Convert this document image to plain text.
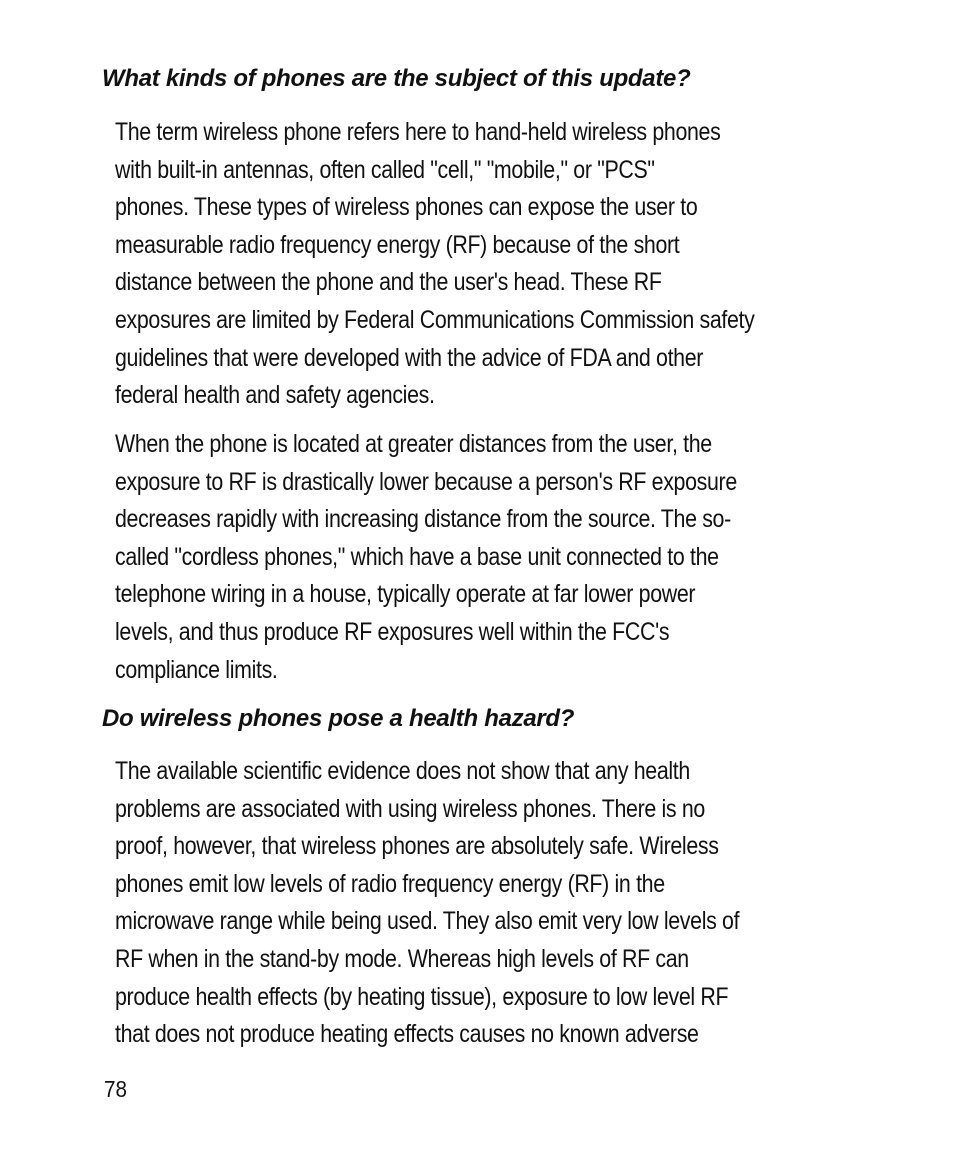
What kinds of phones are the subject of this update?

The term wireless phone refers here to hand-held wireless phones
with built-in antennas, often called "cell," "mobile," or "PCS"
phones. These types of wireless phones can expose the user to
measurable radio frequency energy (RF) because of the short
distance between the phone and the user's head. These RF
exposures are limited by Federal Communications Commission safety
guidelines that were developed with the advice of FDA and other
federal health and safety agencies.

When the phone is located at greater distances from the user, the
exposure to RF is drastically lower because a person's RF exposure
decreases rapidly with increasing distance from the source. The so-
called "cordless phones," which have a base unit connected to the
telephone wiring in a house, typically operate at far lower power
levels, and thus produce RF exposures well within the FCC's
compliance limits.

Do wireless phones pose a health hazard?

The available scientific evidence does not show that any health
problems are associated with using wireless phones. There is no
proof, however, that wireless phones are absolutely safe. Wireless
phones emit low levels of radio frequency energy (RF) in the
microwave range while being used. They also emit very low levels of
RF when in the stand-by mode. Whereas high levels of RF can
produce health effects (by heating tissue), exposure to low level RF
that does not produce heating effects causes no known adverse

78
